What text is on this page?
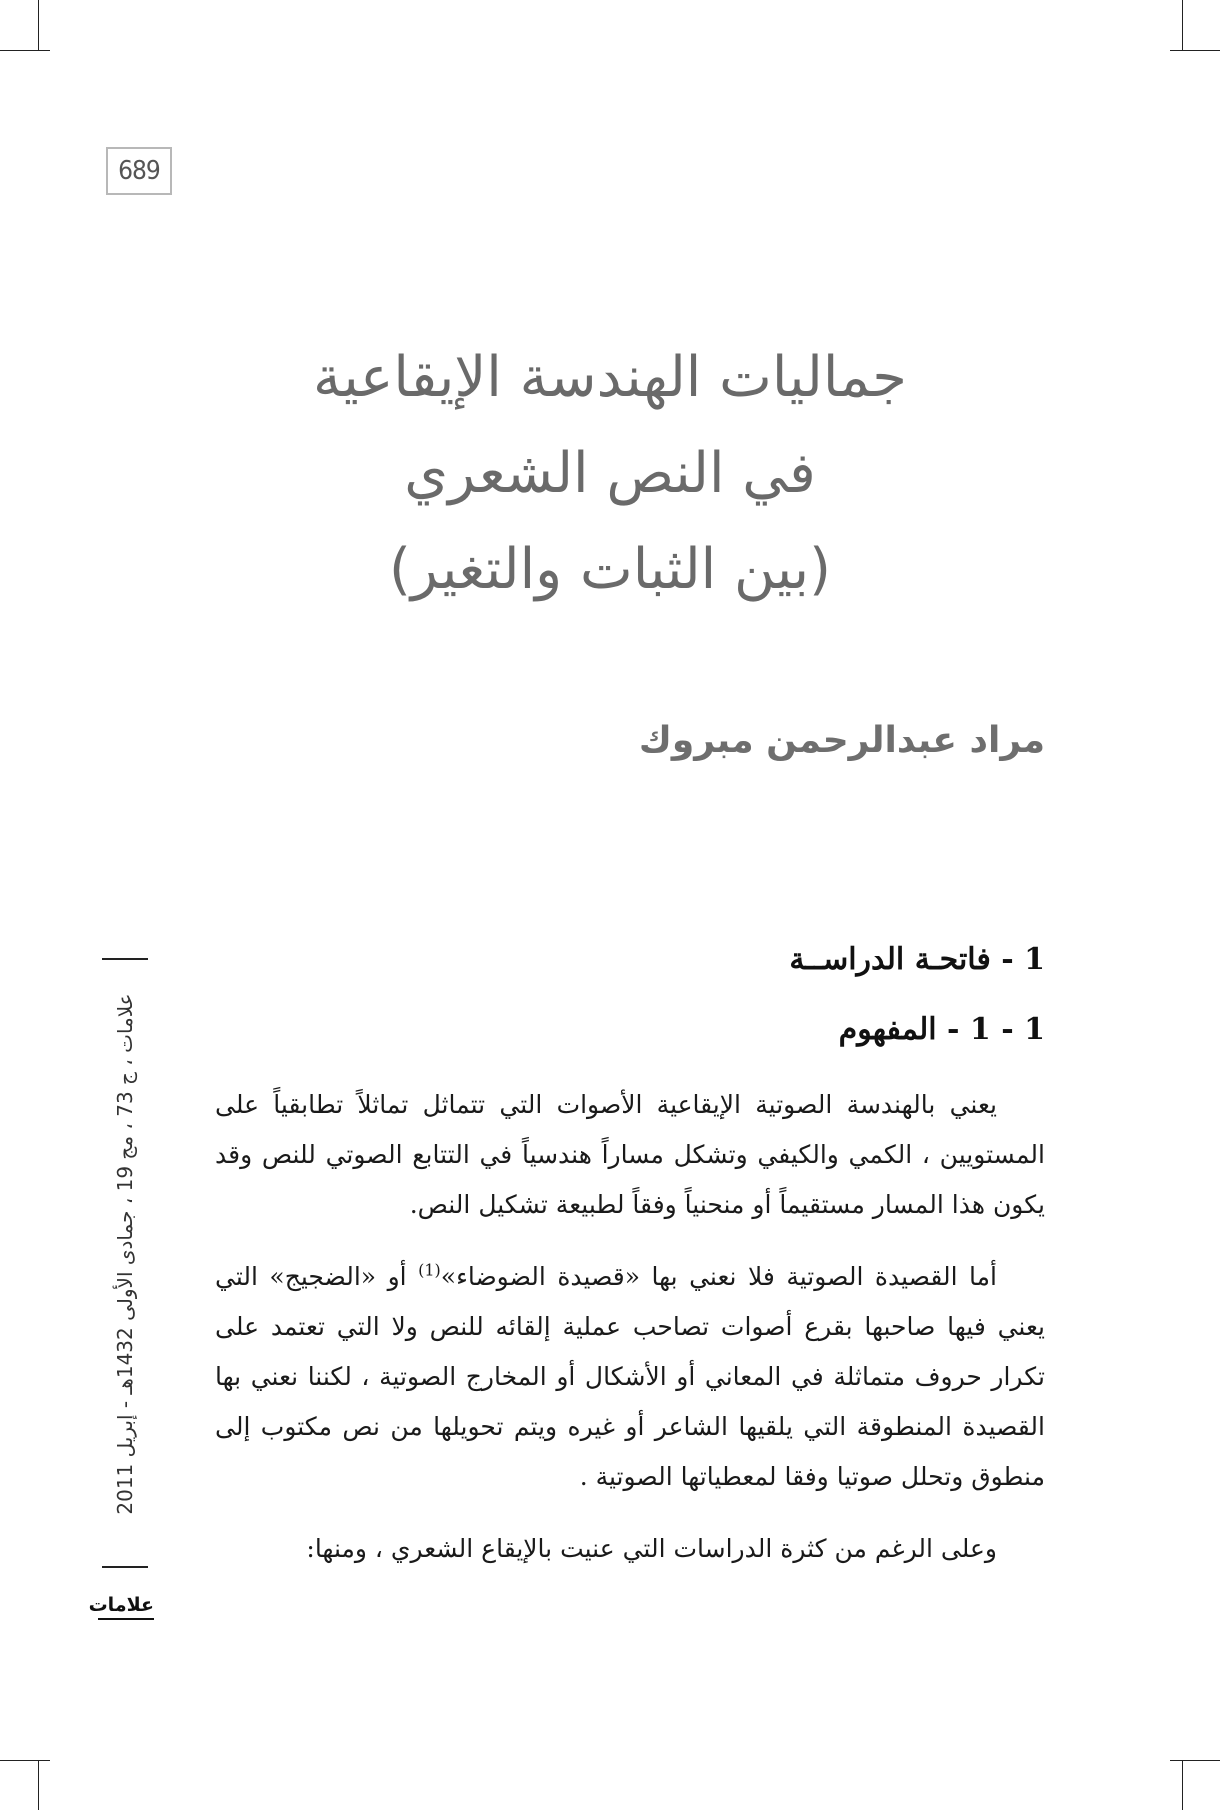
689
جماليات الهندسة الإيقاعية
في النص الشعري
(بين الثبات والتغير)
مراد عبدالرحمن مبروك
علامات ، ج 73 ، مج 19 ، جمادى الأولى 1432هـ - إبريل 2011
علامات
1 - فاتحـة الدراســة
1 - 1 - المفهوم

يعني بالهندسة الصوتية الإيقاعية الأصوات التي تتماثل تماثلاً تطابقياً على المستويين ، الكمي والكيفي وتشكل مساراً هندسياً في التتابع الصوتي للنص وقد يكون هذا المسار مستقيماً أو منحنياً وفقاً لطبيعة تشكيل النص.

أما القصيدة الصوتية فلا نعني بها «قصيدة الضوضاء»$^{(1)}$ أو «الضجيج» التي يعني فيها صاحبها بقرع أصوات تصاحب عملية إلقائه للنص ولا التي تعتمد على تكرار حروف متماثلة في المعاني أو الأشكال أو المخارج الصوتية ، لكننا نعني بها القصيدة المنطوقة التي يلقيها الشاعر أو غيره ويتم تحويلها من نص مكتوب إلى منطوق وتحلل صوتيا وفقا لمعطياتها الصوتية .

وعلى الرغم من كثرة الدراسات التي عنيت بالإيقاع الشعري ، ومنها:
